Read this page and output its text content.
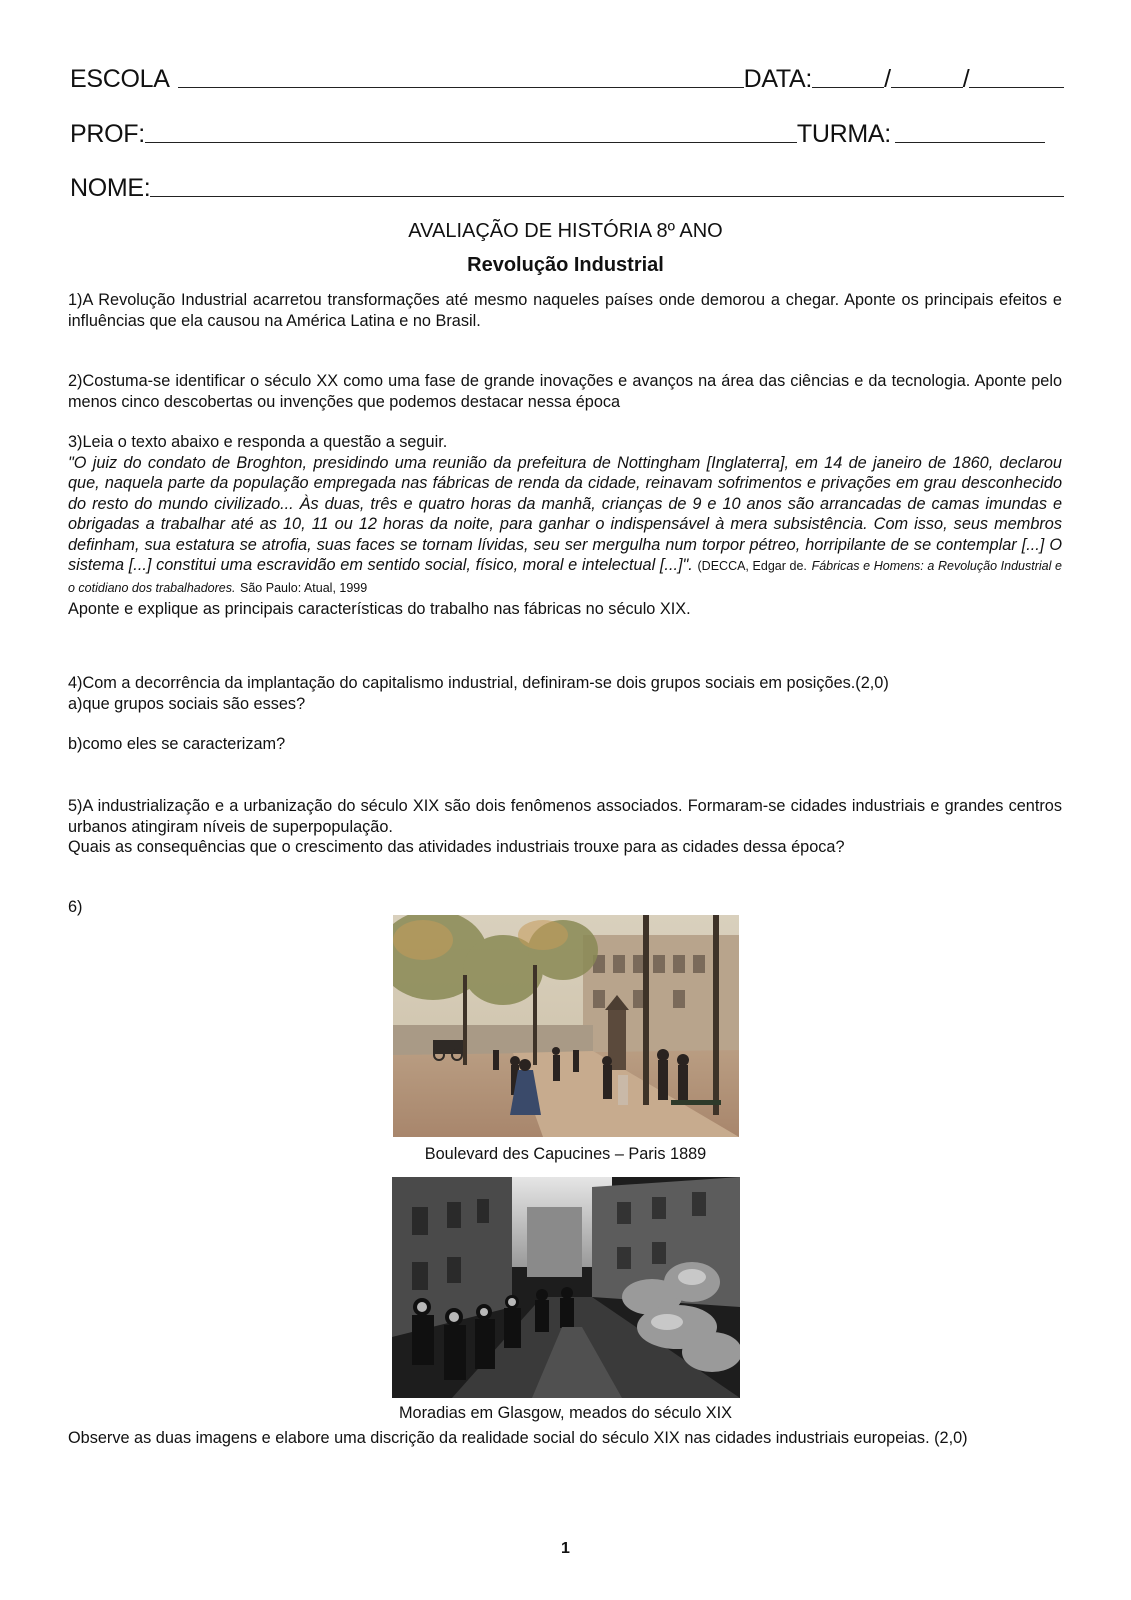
ESCOLA	DATA:	/	/
PROF:	TURMA:
NOME:
AVALIAÇÃO DE HISTÓRIA 8º ANO
Revolução Industrial

1)A Revolução Industrial acarretou transformações até mesmo naqueles países onde demorou a chegar. Aponte os principais efeitos e influências que ela causou na América Latina e no Brasil.

2)Costuma-se identificar o século XX como uma fase de grande inovações e avanços na área das ciências e da tecnologia. Aponte pelo menos cinco descobertas ou invenções que podemos destacar nessa época

3)Leia o texto abaixo e responda a questão a seguir.

"O juiz do condato de Broghton, presidindo uma reunião da prefeitura de Nottingham [Inglaterra], em 14 de janeiro de 1860, declarou que, naquela parte da população empregada nas fábricas de renda da cidade, reinavam sofrimentos e privações em grau desconhecido do resto do mundo civilizado... Às duas, três e quatro horas da manhã, crianças de 9 e 10 anos são arrancadas de camas imundas e obrigadas a trabalhar até as 10, 11 ou 12 horas da noite, para ganhar o indispensável à mera subsistência. Com isso, seus membros definham, sua estatura se atrofia, suas faces se tornam lívidas, seu ser mergulha num torpor pétreo, horripilante de se contemplar [...] O sistema [...] constitui uma escravidão em sentido social, físico, moral e intelectual [...]". (DECCA, Edgar de. Fábricas e Homens: a Revolução Industrial e o cotidiano dos trabalhadores. São Paulo: Atual, 1999

Aponte e explique as principais características do trabalho nas fábricas no século XIX.

4)Com a decorrência da implantação do capitalismo industrial, definiram-se dois grupos sociais em posições.(2,0)

a)que grupos sociais são esses?

b)como eles se caracterizam?

5)A industrialização e a urbanização do século XIX são dois fenômenos associados. Formaram-se cidades industriais e grandes centros urbanos atingiram níveis de superpopulação.

Quais as consequências que o crescimento das atividades industriais trouxe para as cidades dessa época?

6)

Boulevard des Capucines – Paris 1889
Moradias em Glasgow, meados do século XIX

Observe as duas imagens e elabore uma discrição da realidade social do século XIX nas cidades industriais europeias. (2,0)

1
